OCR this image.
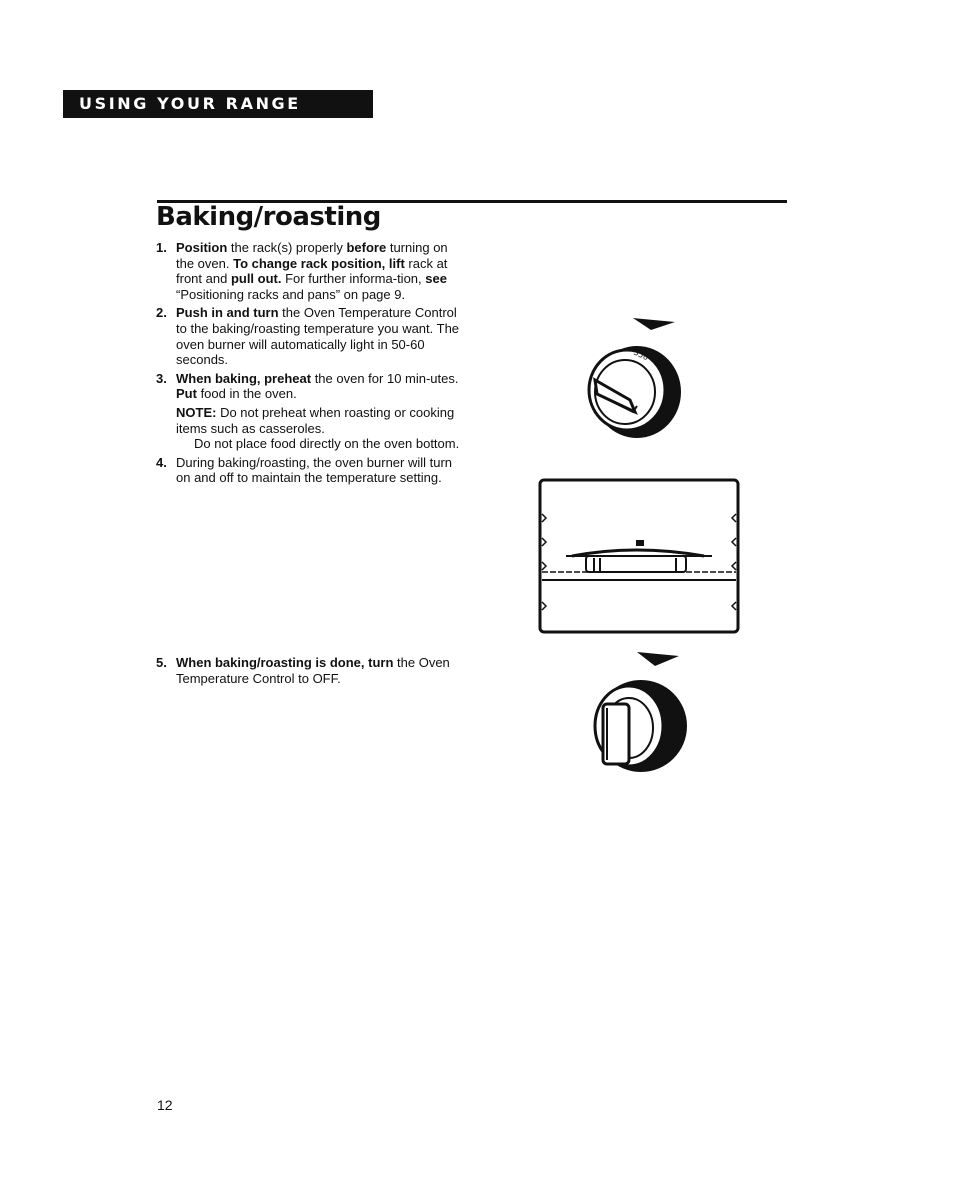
USING YOUR RANGE
Baking/roasting
1. Position the rack(s) properly before turning on the oven. To change rack position, lift rack at front and pull out. For further informa-tion, see “Positioning racks and pans” on page 9.
2. Push in and turn the Oven Temperature Control to the baking/roasting temperature you want. The oven burner will automatically light in 50-60 seconds.
3. When baking, preheat the oven for 10 min-utes. Put food in the oven.
NOTE: Do not preheat when roasting or cooking items such as casseroles.
Do not place food directly on the oven bottom.
4. During baking/roasting, the oven burner will turn on and off to maintain the temperature setting.
5. When baking/roasting is done, turn the Oven Temperature Control to OFF.
350
12
